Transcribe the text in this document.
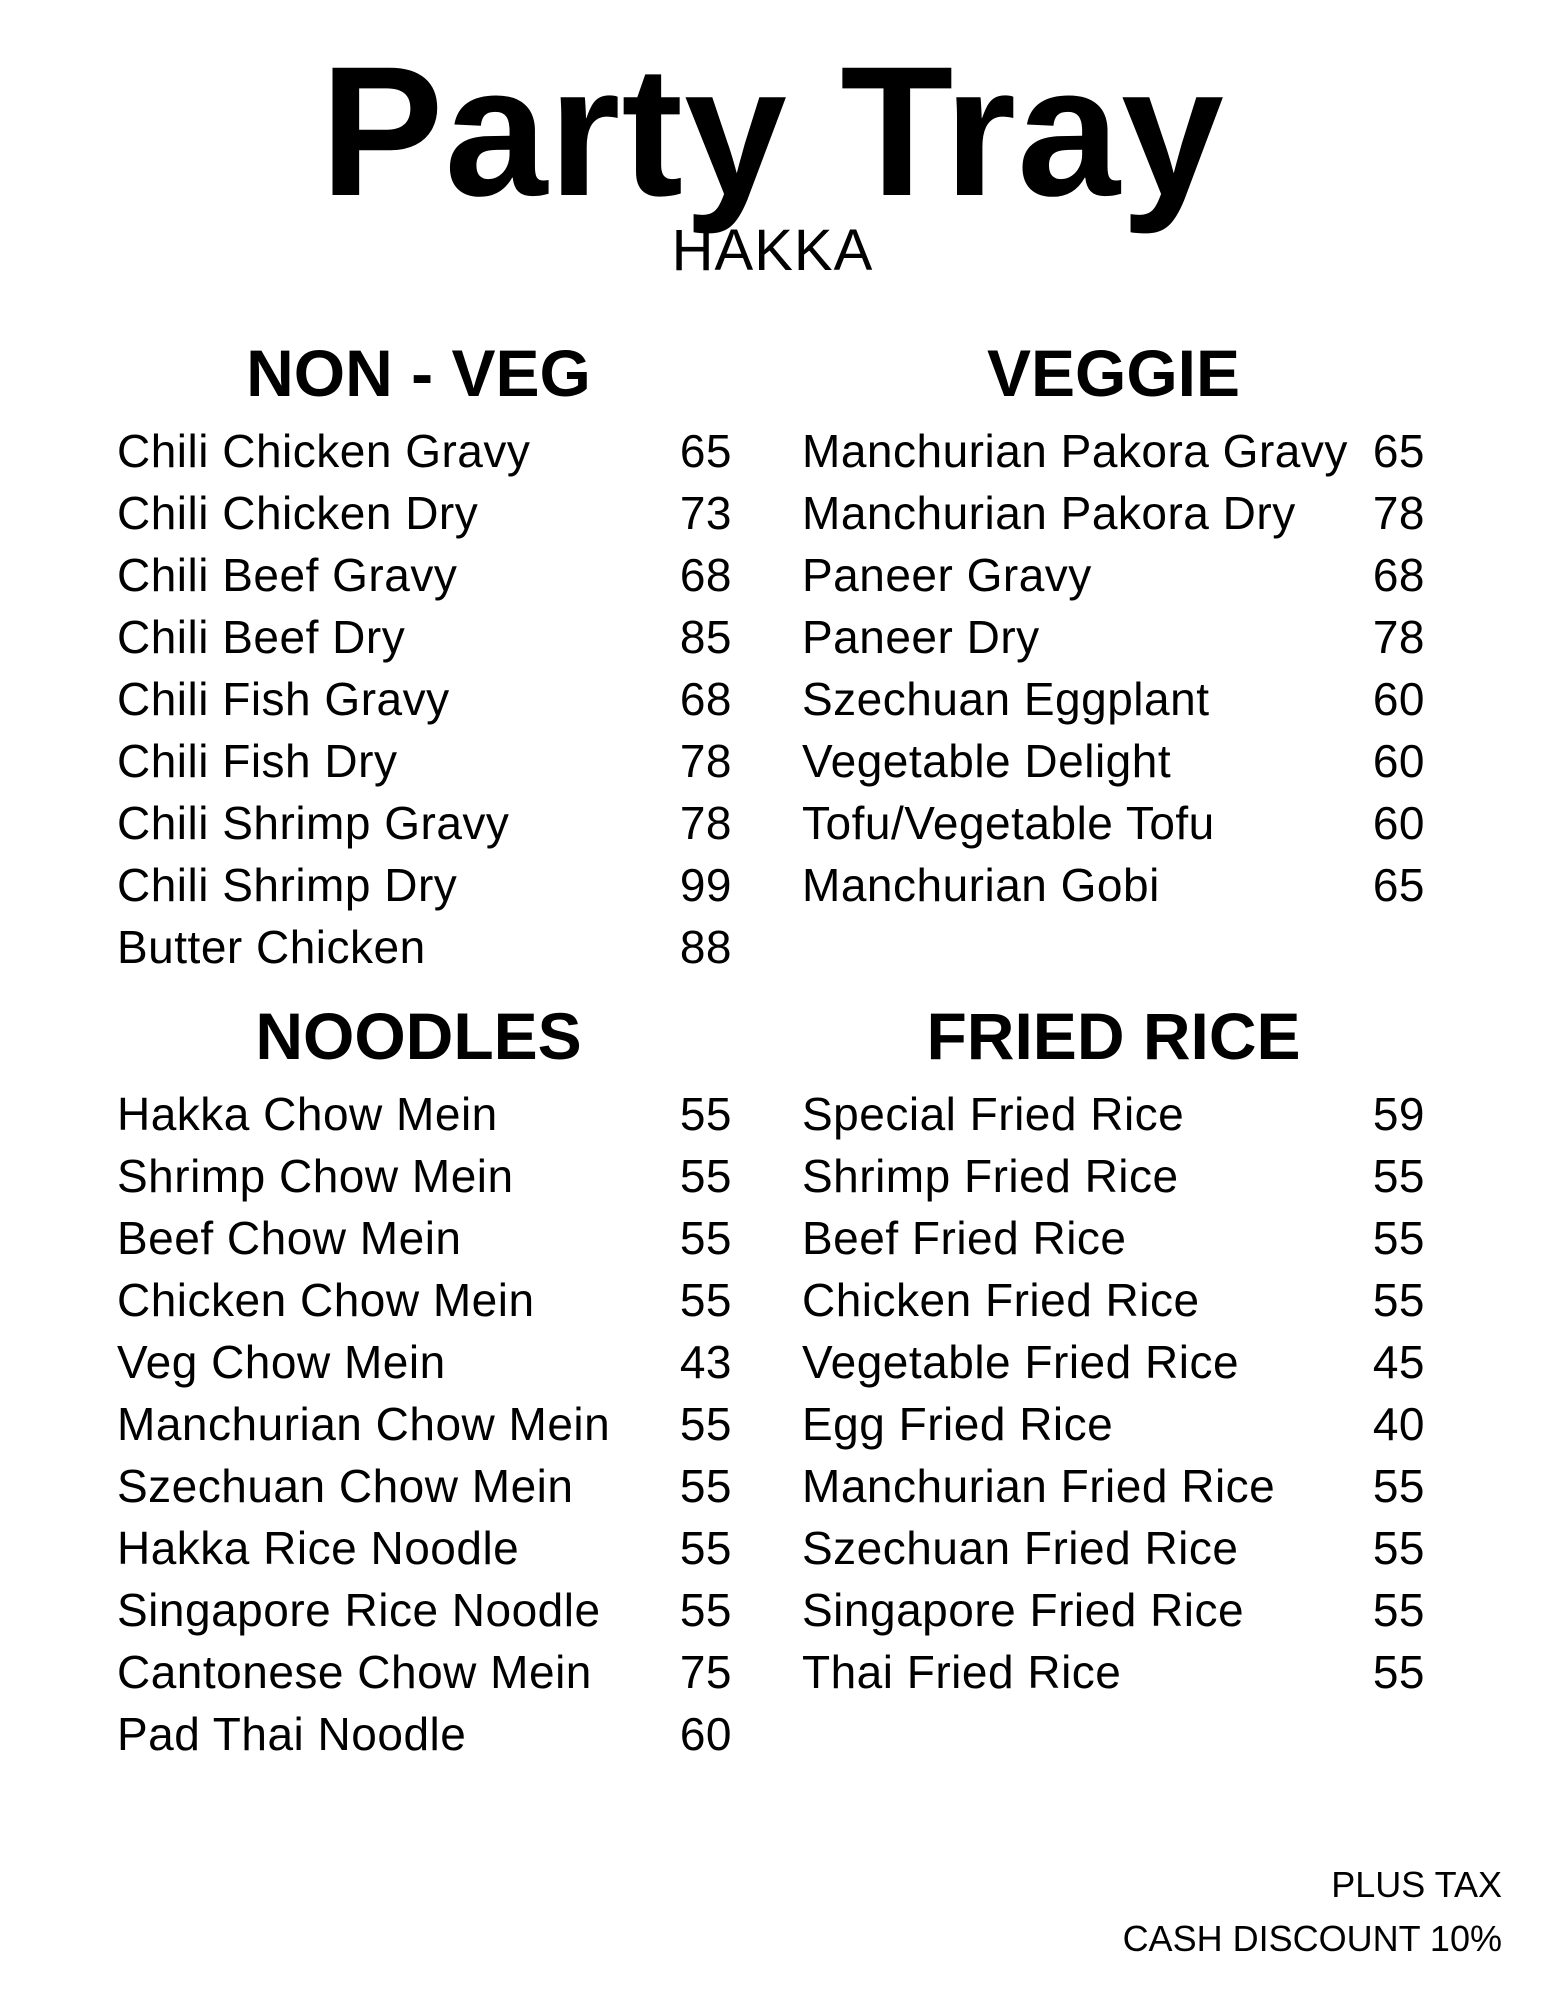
Party Tray
HAKKA
NON - VEG
Chili Chicken Gravy	65
Chili Chicken Dry	73
Chili Beef Gravy	68
Chili Beef Dry	85
Chili Fish Gravy	68
Chili Fish Dry	78
Chili Shrimp Gravy	78
Chili Shrimp Dry	99
Butter Chicken	88
VEGGIE
Manchurian Pakora Gravy 65
Manchurian Pakora Dry 78
Paneer Gravy	68
Paneer Dry	78
Szechuan Eggplant	60
Vegetable Delight	60
Tofu/Vegetable Tofu	60
Manchurian Gobi	65
NOODLES
Hakka Chow Mein	55
Shrimp Chow Mein	55
Beef Chow Mein	55
Chicken Chow Mein	55
Veg Chow Mein	43
Manchurian Chow Mein 55
Szechuan Chow Mein 55
Hakka Rice Noodle	55
Singapore Rice Noodle 55
Cantonese Chow Mein 75
Pad Thai Noodle	60
FRIED RICE
Special Fried Rice	59
Shrimp Fried Rice	55
Beef Fried Rice	55
Chicken Fried Rice	55
Vegetable Fried Rice	45
Egg Fried Rice	40
Manchurian Fried Rice 55
Szechuan Fried Rice	55
Singapore Fried Rice	55
Thai Fried Rice	55
PLUS TAX
CASH DISCOUNT 10%
